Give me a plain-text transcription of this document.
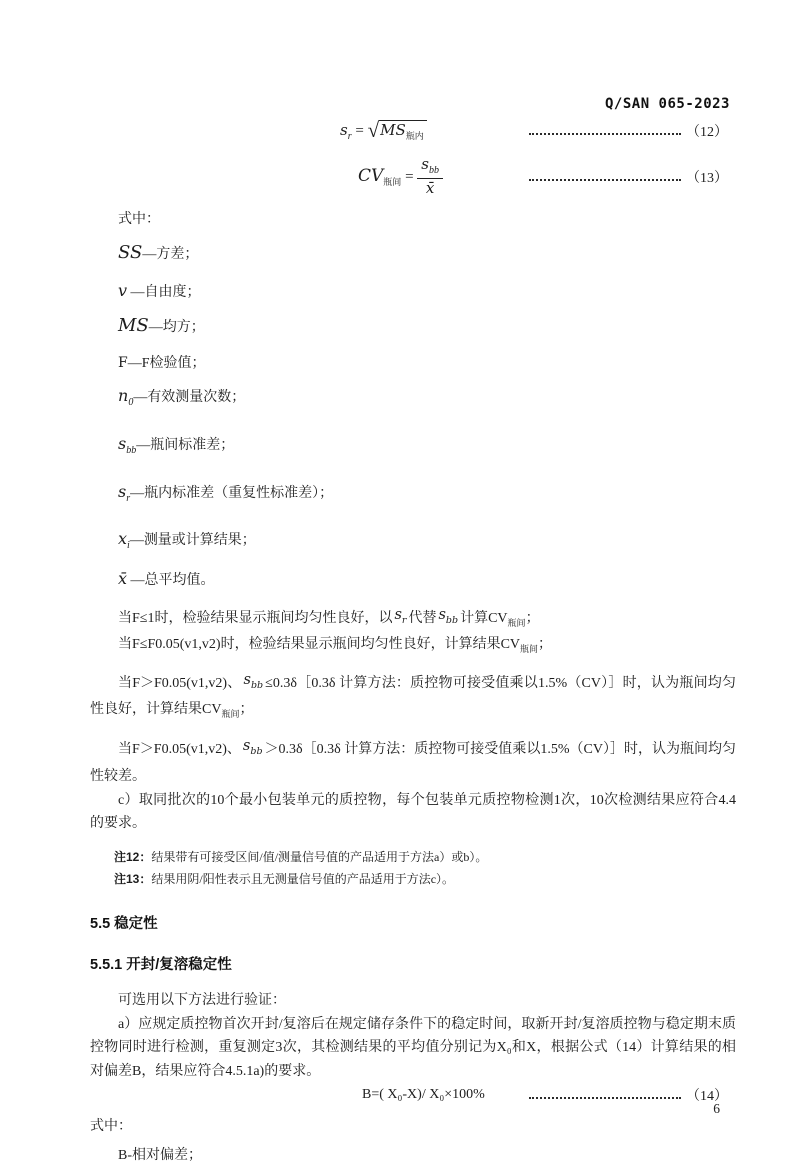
Q/SAN 065-2023
$s_r = √MS_{瓶内}$	（12）
$CV_{瓶间} = \frac{s_{bb}}{x̄}$	（13）

式中：

SS—方差；

v —自由度；

MS—均方；

F—F检验值；

$n_0—$有效测量次数；

$s_{bb}—$瓶间标准差；

$s_r—$瓶内标准差（重复性标准差）；

$x_i—$测量或计算结果；

x̄ —总平均值。

当F≤1时，检验结果显示瓶间均匀性良好，以 $s_r$ 代替 $s_{bb}$ 计算$CV_{瓶间}$；

当F≤F0.05(v1,v2)时，检验结果显示瓶间均匀性良好，计算结果$CV_{瓶间}$；

当F＞F0.05(v1,v2)、 $s_{bb}$ ≤0.3δ［0.3δ 计算方法：质控物可接受值乘以1.5%（CV）］时，认为瓶间均匀性良好，计算结果$CV_{瓶间}$；

当F＞F0.05(v1,v2)、 $s_{bb}$ ＞0.3δ［0.3δ 计算方法：质控物可接受值乘以1.5%（CV）］时，认为瓶间均匀性较差。

c）取同批次的10个最小包装单元的质控物，每个包装单元质控物检测1次，10次检测结果应符合4.4的要求。

注12：结果带有可接受区间/值/测量信号值的产品适用于方法a）或b）。

注13：结果用阴/阳性表示且无测量信号值的产品适用于方法c）。

5.5 稳定性

5.5.1 开封/复溶稳定性

可选用以下方法进行验证：

a）应规定质控物首次开封/复溶后在规定储存条件下的稳定时间，取新开封/复溶质控物与稳定期末质控物同时进行检测，重复测定3次，其检测结果的平均值分别记为X₀和X，根据公式（14）计算结果的相对偏差B，结果应符合4.5.1a)的要求。

B=( X₀-X)/ X₀×100%	（14）

式中：

B-相对偏差；

6
